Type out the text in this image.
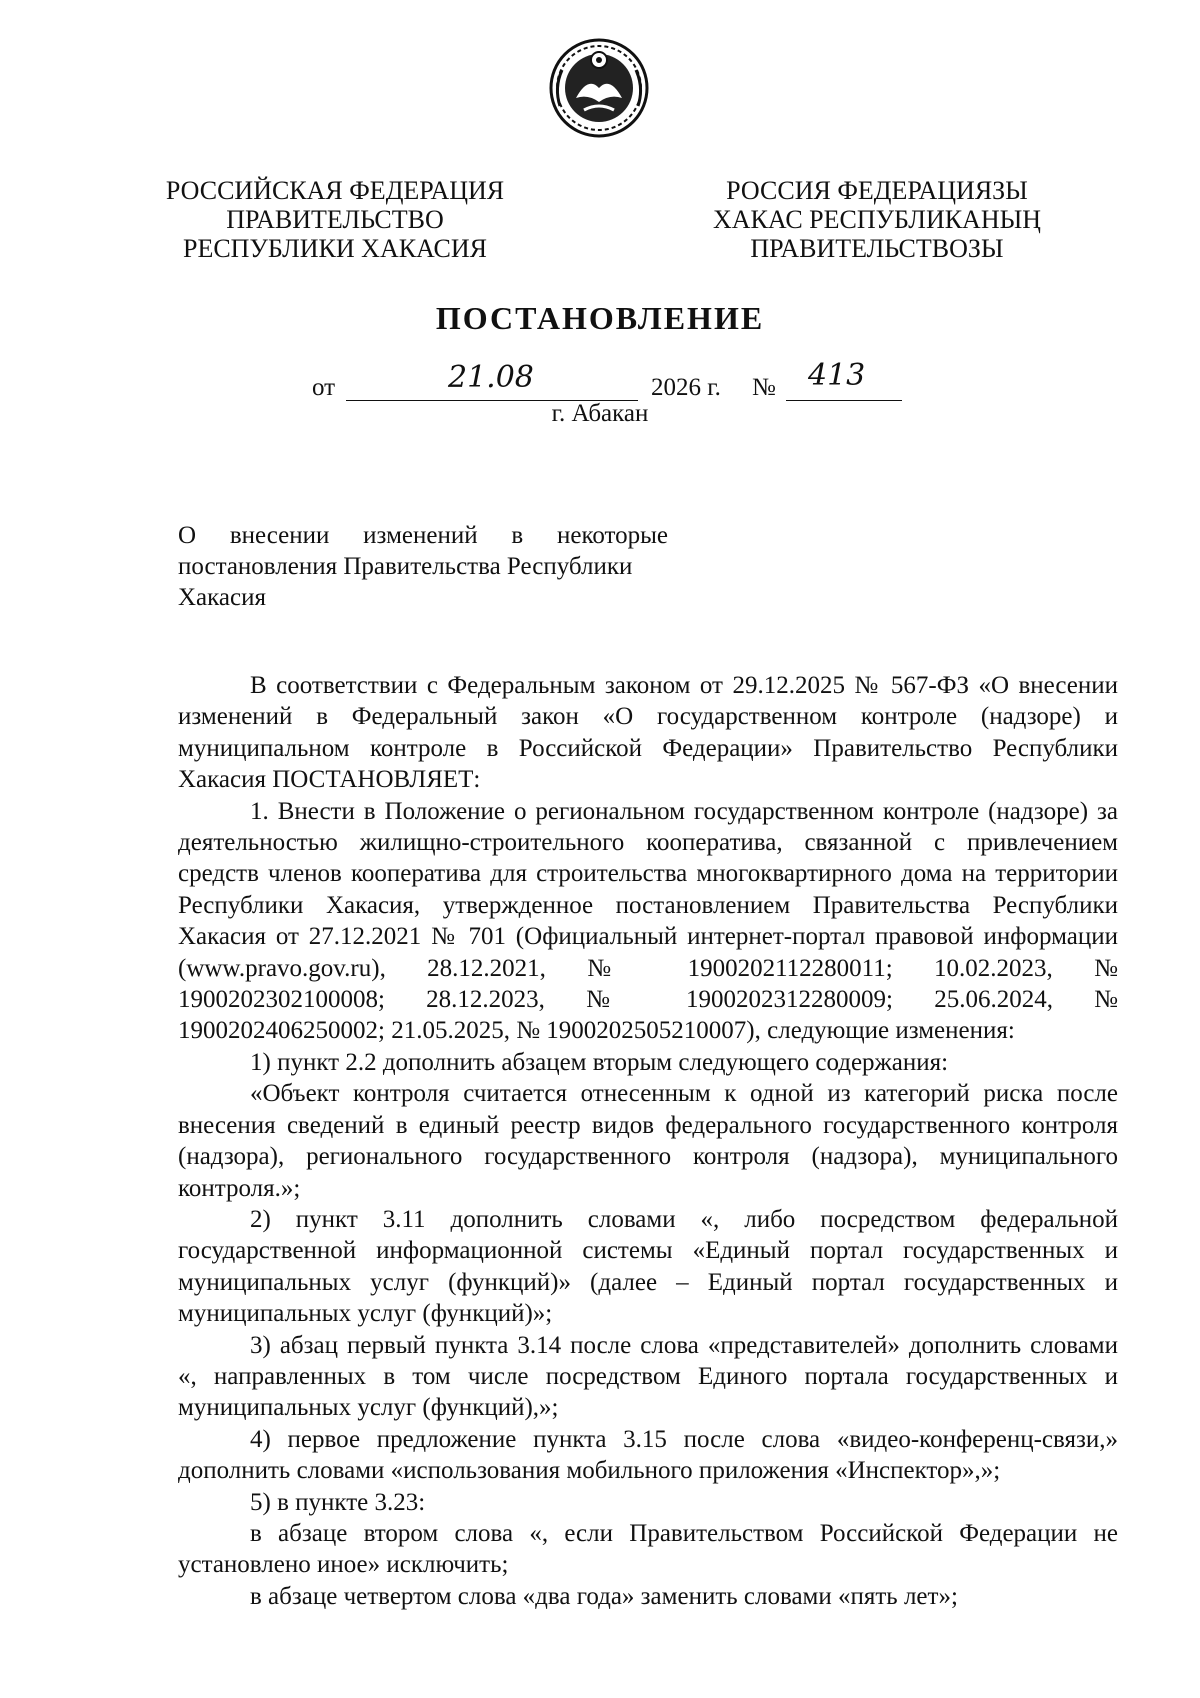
РОССИЙСКАЯ ФЕДЕРАЦИЯ
ПРАВИТЕЛЬСТВО
РЕСПУБЛИКИ ХАКАСИЯ
РОССИЯ ФЕДЕРАЦИЯЗЫ
ХАКАС РЕСПУБЛИКАНЫҢ
ПРАВИТЕЛЬСТВОЗЫ
ПОСТАНОВЛЕНИЕ
от	21.08	2026 г. № 413
г. Абакан
О внесении изменений в некоторые
постановления Правительства Республики
Хакасия

В соответствии с Федеральным законом от 29.12.2025 № 567-ФЗ «О внесении изменений в Федеральный закон «О государственном контроле (надзоре) и муниципальном контроле в Российской Федерации» Правительство Республики Хакасия ПОСТАНОВЛЯЕТ:

1. Внести в Положение о региональном государственном контроле (надзоре) за деятельностью жилищно-строительного кооператива, связанной с привлечением средств членов кооператива для строительства многоквартирного дома на территории Республики Хакасия, утвержденное постановлением Правительства Республики Хакасия от 27.12.2021 № 701 (Официальный интернет-портал правовой информации (www.pravo.gov.ru), 28.12.2021, № 1900202112280011; 10.02.2023, № 1900202302100008; 28.12.2023, № 1900202312280009; 25.06.2024, № 1900202406250002; 21.05.2025, № 1900202505210007), следующие изменения:

1) пункт 2.2 дополнить абзацем вторым следующего содержания:

«Объект контроля считается отнесенным к одной из категорий риска после внесения сведений в единый реестр видов федерального государственного контроля (надзора), регионального государственного контроля (надзора), муниципального контроля.»;

2) пункт 3.11 дополнить словами «, либо посредством федеральной государственной информационной системы «Единый портал государственных и муниципальных услуг (функций)» (далее – Единый портал государственных и муниципальных услуг (функций)»;

3) абзац первый пункта 3.14 после слова «представителей» дополнить словами «, направленных в том числе посредством Единого портала государственных и муниципальных услуг (функций),»;

4) первое предложение пункта 3.15 после слова «видео-конференц-связи,» дополнить словами «использования мобильного приложения «Инспектор»,»;

5) в пункте 3.23:

в абзаце втором слова «, если Правительством Российской Федерации не установлено иное» исключить;

в абзаце четвертом слова «два года» заменить словами «пять лет»;
